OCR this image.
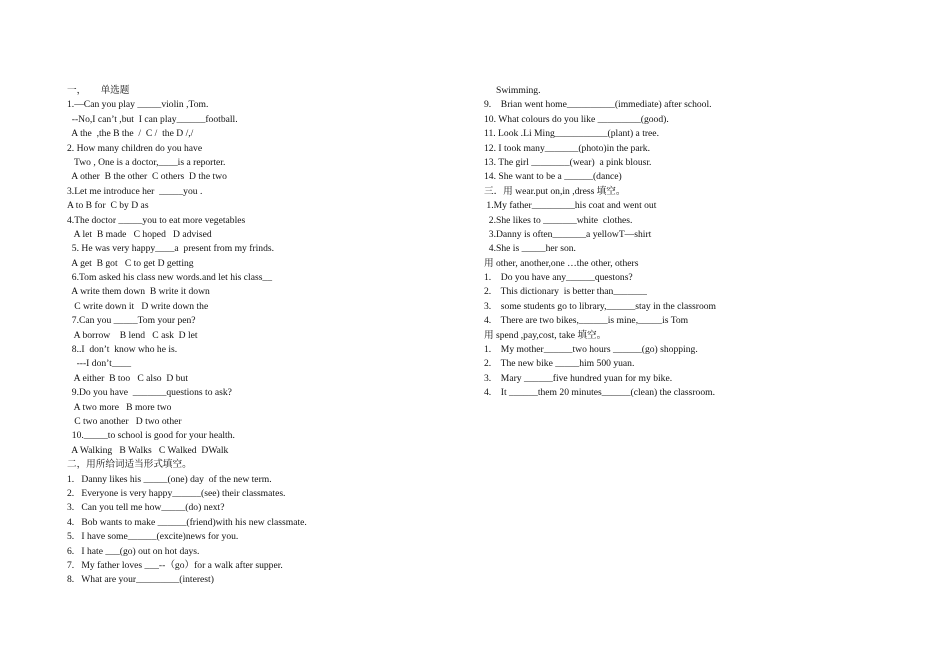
一，      单选题
1.—Can you play _____violin ,Tom.
--No,I can’t ,but  I can play______football.
A the  ,the B the  /  C /  the D /,/
2. How many children do you have
Two , One is a doctor,____is a reporter.
A other  B the other  C others  D the two
3.Let me introduce her  _____you .
A to B for  C by D as
4.The doctor _____you to eat more vegetables
A let  B made   C hoped   D advised
5. He was very happy____a  present from my frinds.
A get  B got   C to get D getting
6.Tom asked his class new words.and let his class__
A write them down  B write it down
C write down it   D write down the
7.Can you _____Tom your pen?
A borrow    B lend   C ask  D let
8..I  don’t  know who he is.
---I don’t____
A either  B too   C also  D but
9.Do you have  _______questions to ask?
A two more   B more two
C two another   D two other
10._____to school is good for your health.
A Walking   B Walks   C Walked  DWalk
二，用所给词适当形式填空。
1.   Danny likes his _____(one) day  of the new term.
2.   Everyone is very happy______(see) their classmates.
3.   Can you tell me how_____(do) next?
4.   Bob wants to make ______(friend)with his new classmate.
5.   I have some______(excite)news for you.
6.   I hate ___(go) out on hot days.
7.   My father loves ___--（go）for a walk after supper.
8.   What are your_________(interest)
Swimming.
9.    Brian went home__________(immediate) after school.
10. What colours do you like _________(good).
11. Look .Li Ming___________(plant) a tree.
12. I took many_______(photo)in the park.
13. The girl ________(wear)  a pink blousr.
14. She want to be a ______(dance)
三．用 wear.put on,in ,dress 填空。
1.My father_________his coat and went out
2.She likes to _______white  clothes.
3.Danny is often_______a yellowT—shirt
4.She is _____her son.
用 other, another,one …the other, others
1.    Do you have any______questons?
2.    This dictionary  is better than_______
3.    some students go to library,______stay in the classroom
4.    There are two bikes,______is mine,_____is Tom
用 spend ,pay,cost, take 填空。
1.    My mother______two hours ______(go) shopping.
2.    The new bike _____him 500 yuan.
3.    Mary ______five hundred yuan for my bike.
4.    It ______them 20 minutes______(clean) the classroom.
